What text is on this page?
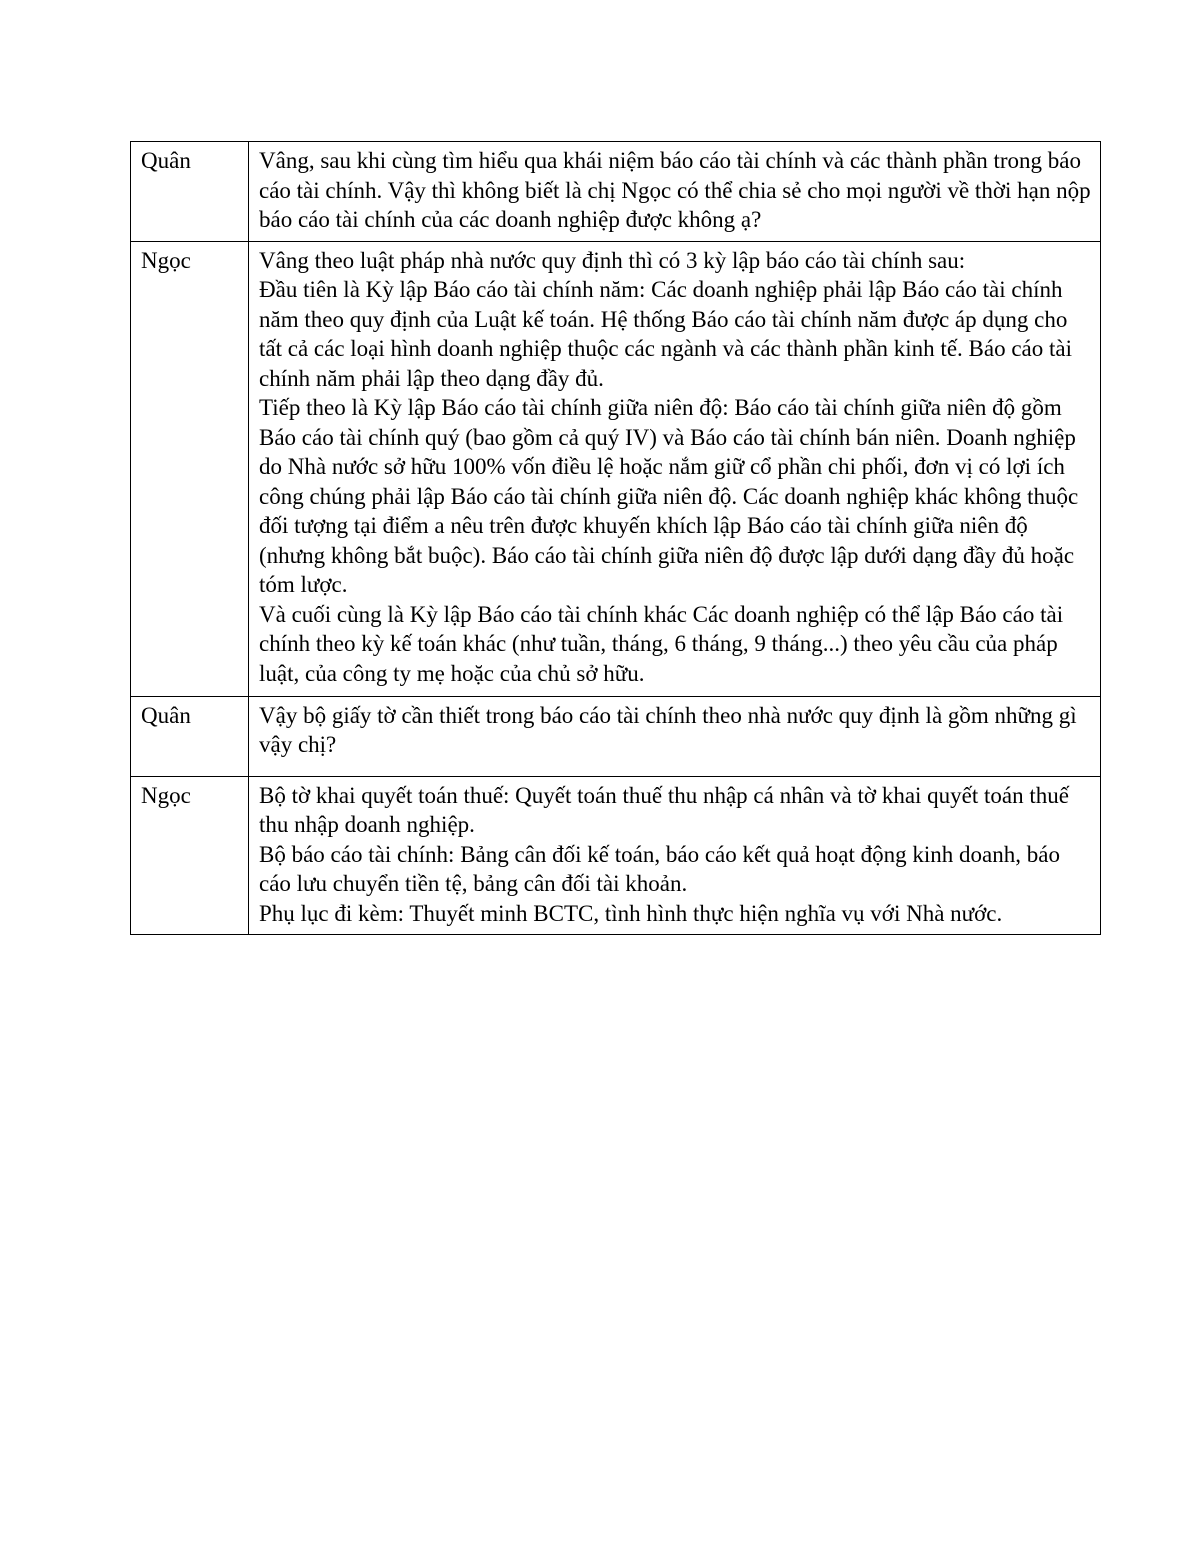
Quân	Vâng, sau khi cùng tìm hiểu qua khái niệm báo cáo tài chính và các thành phần trong báo cáo tài chính. Vậy thì không biết là chị Ngọc có thể chia sẻ cho mọi người về thời hạn nộp báo cáo tài chính của các doanh nghiệp được không ạ?

Ngọc	Vâng theo luật pháp nhà nước quy định thì có 3 kỳ lập báo cáo tài chính sau:
Đầu tiên là Kỳ lập Báo cáo tài chính năm: Các doanh nghiệp phải lập Báo cáo tài chính năm theo quy định của Luật kế toán. Hệ thống Báo cáo tài chính năm được áp dụng cho tất cả các loại hình doanh nghiệp thuộc các ngành và các thành phần kinh tế. Báo cáo tài chính năm phải lập theo dạng đầy đủ.
Tiếp theo là Kỳ lập Báo cáo tài chính giữa niên độ: Báo cáo tài chính giữa niên độ gồm Báo cáo tài chính quý (bao gồm cả quý IV) và Báo cáo tài chính bán niên. Doanh nghiệp do Nhà nước sở hữu 100% vốn điều lệ hoặc nắm giữ cổ phần chi phối, đơn vị có lợi ích công chúng phải lập Báo cáo tài chính giữa niên độ. Các doanh nghiệp khác không thuộc đối tượng tại điểm a nêu trên được khuyến khích lập Báo cáo tài chính giữa niên độ (nhưng không bắt buộc). Báo cáo tài chính giữa niên độ được lập dưới dạng đầy đủ hoặc tóm lược.
Và cuối cùng là Kỳ lập Báo cáo tài chính khác Các doanh nghiệp có thể lập Báo cáo tài chính theo kỳ kế toán khác (như tuần, tháng, 6 tháng, 9 tháng...) theo yêu cầu của pháp luật, của công ty mẹ hoặc của chủ sở hữu.

Quân	Vậy bộ giấy tờ cần thiết trong báo cáo tài chính theo nhà nước quy định là gồm những gì vậy chị?

Ngọc	Bộ tờ khai quyết toán thuế: Quyết toán thuế thu nhập cá nhân và tờ khai quyết toán thuế thu nhập doanh nghiệp.
Bộ báo cáo tài chính: Bảng cân đối kế toán, báo cáo kết quả hoạt động kinh doanh, báo cáo lưu chuyển tiền tệ, bảng cân đối tài khoản.
Phụ lục đi kèm: Thuyết minh BCTC, tình hình thực hiện nghĩa vụ với Nhà nước.
